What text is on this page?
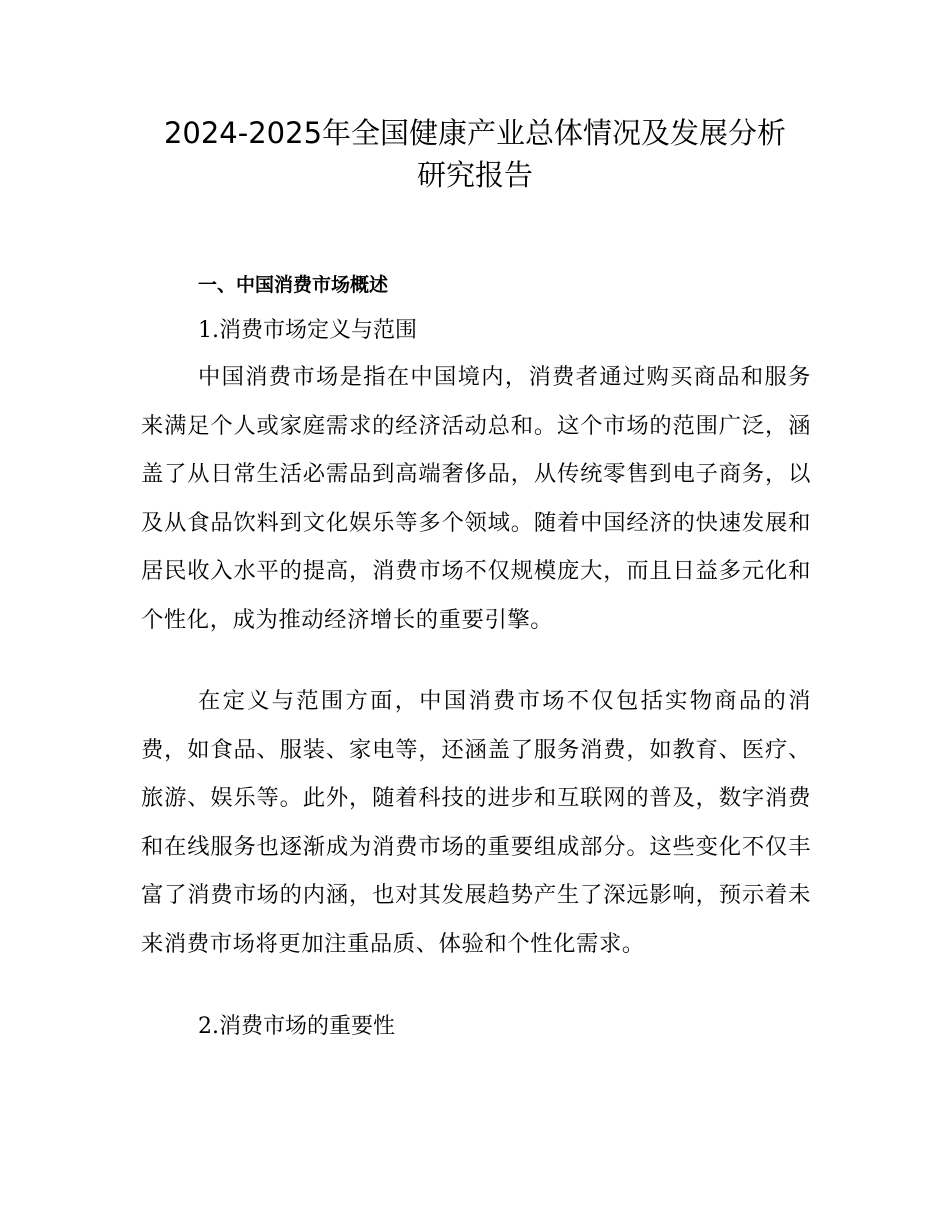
2024-2025年全国健康产业总体情况及发展分析
研究报告
一、中国消费市场概述
1.消费市场定义与范围

中国消费市场是指在中国境内，消费者通过购买商品和服务来满足个人或家庭需求的经济活动总和。这个市场的范围广泛，涵盖了从日常生活必需品到高端奢侈品，从传统零售到电子商务，以及从食品饮料到文化娱乐等多个领域。随着中国经济的快速发展和居民收入水平的提高，消费市场不仅规模庞大，而且日益多元化和个性化，成为推动经济增长的重要引擎。

在定义与范围方面，中国消费市场不仅包括实物商品的消费，如食品、服装、家电等，还涵盖了服务消费，如教育、医疗、旅游、娱乐等。此外，随着科技的进步和互联网的普及，数字消费和在线服务也逐渐成为消费市场的重要组成部分。这些变化不仅丰富了消费市场的内涵，也对其发展趋势产生了深远影响，预示着未来消费市场将更加注重品质、体验和个性化需求。

2.消费市场的重要性
